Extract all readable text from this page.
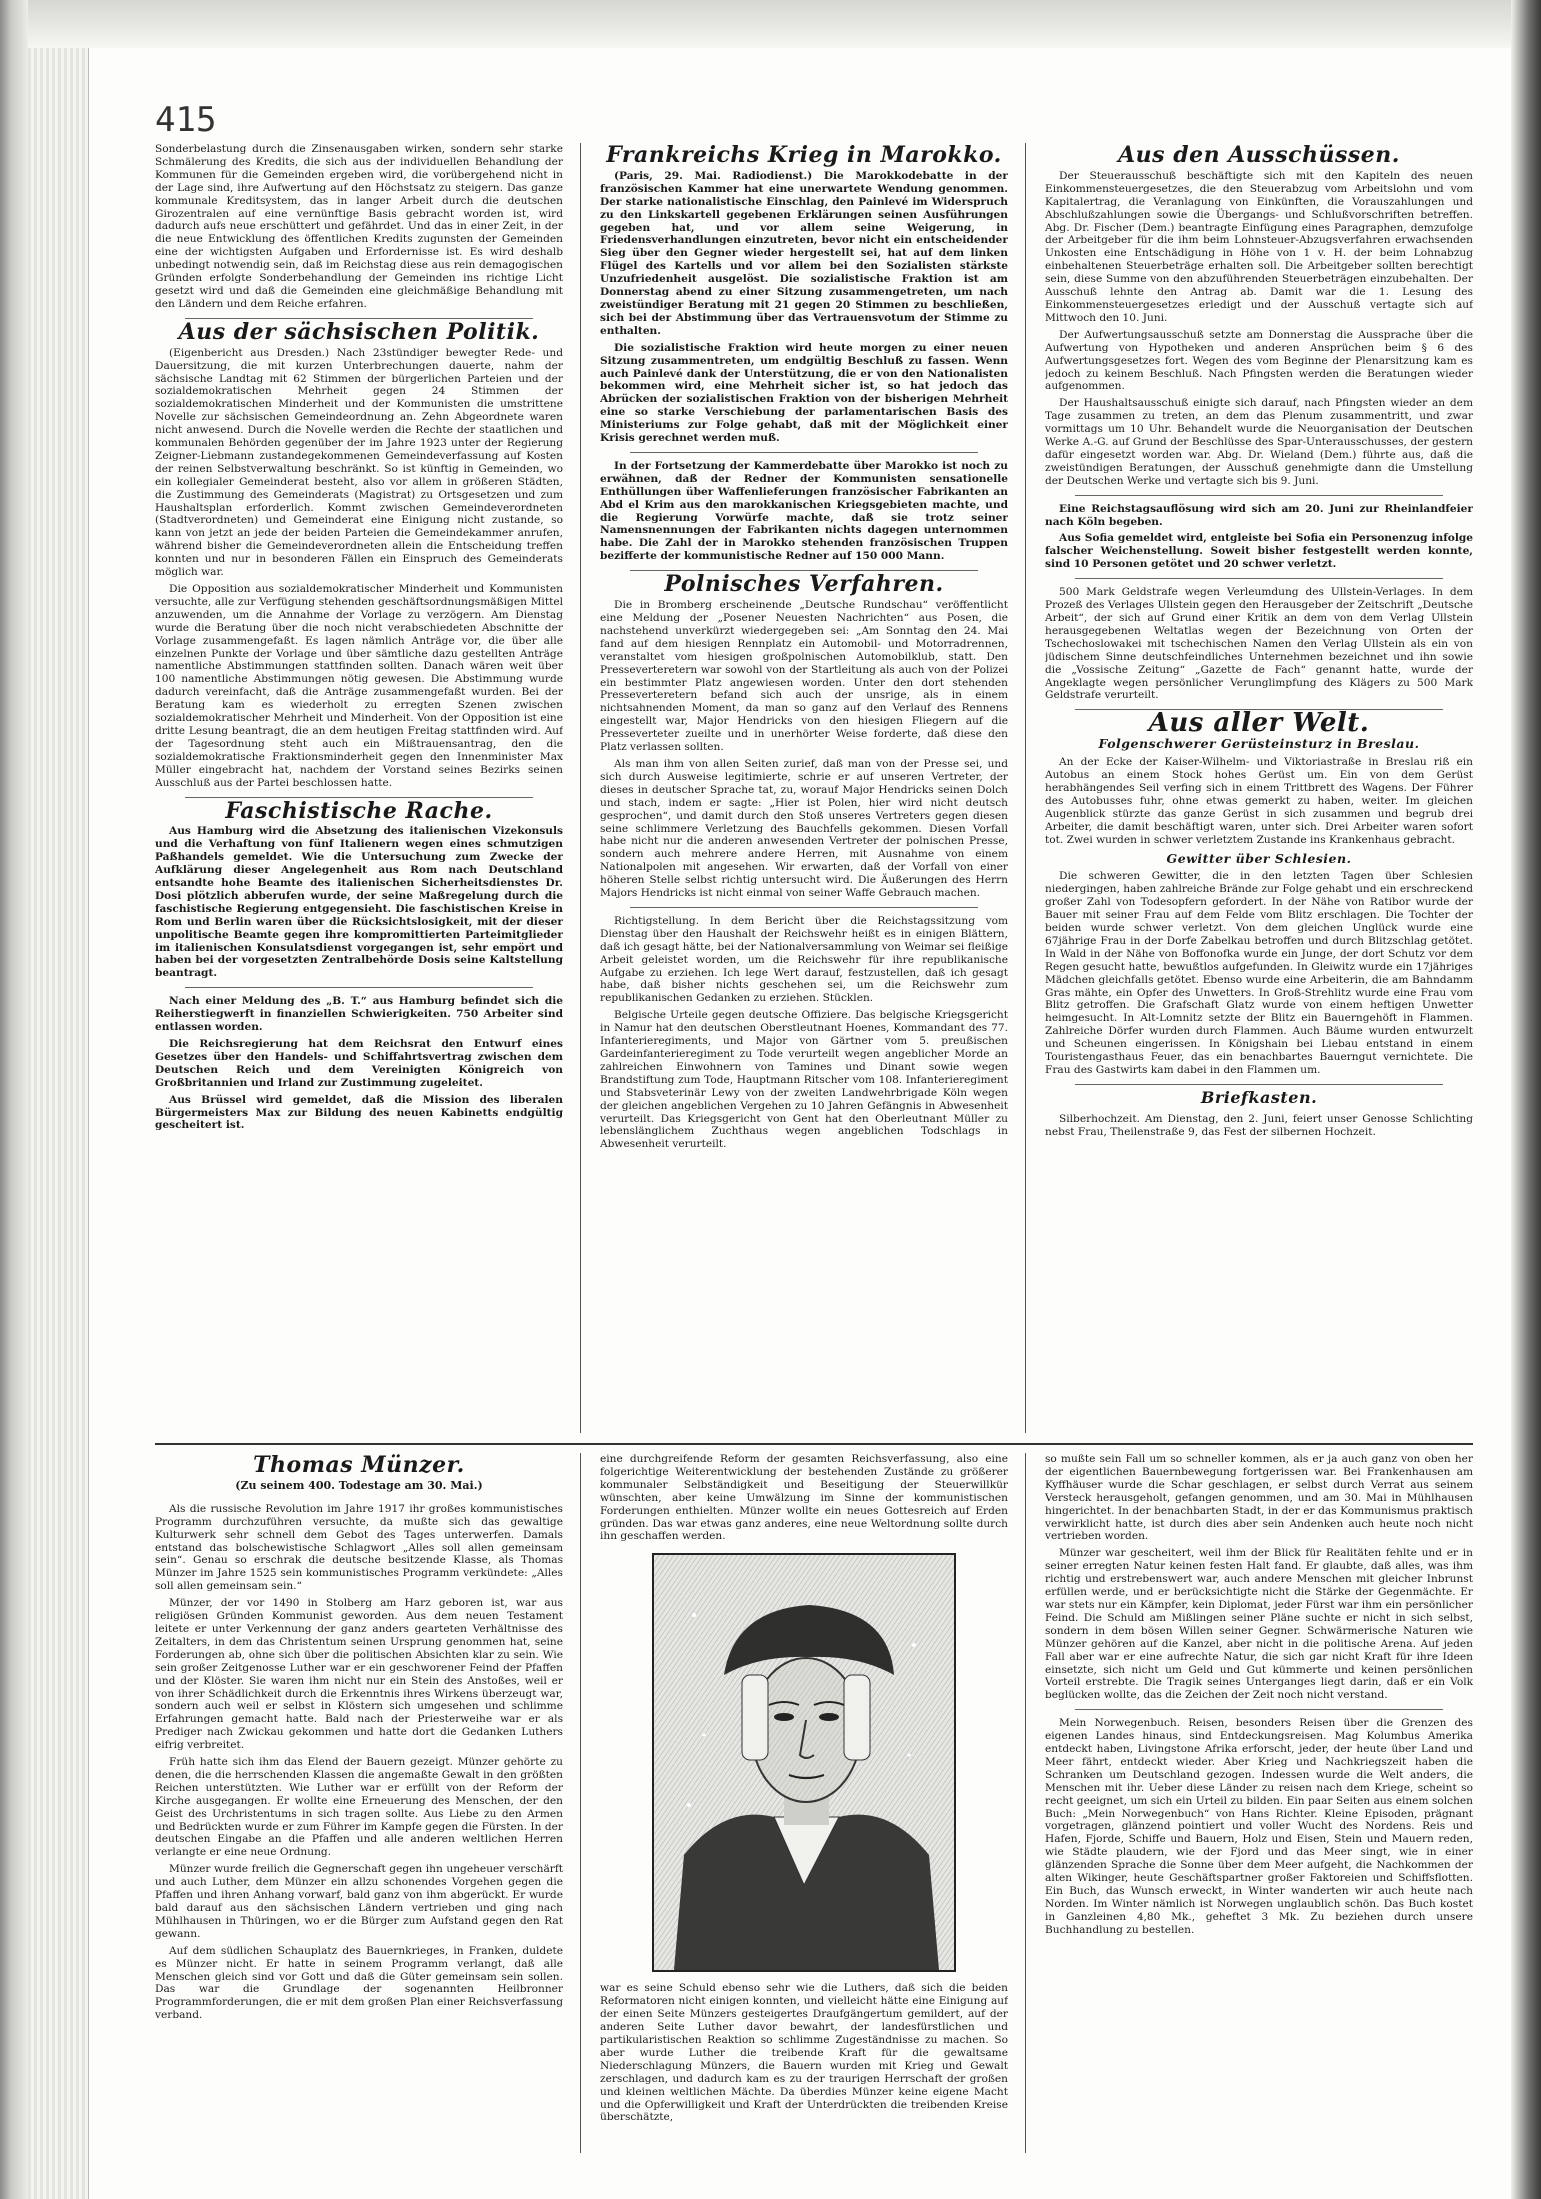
415

Sonderbelastung durch die Zinsenausgaben wirken, sondern sehr starke Schmälerung des Kredits, die sich aus der individuellen Behandlung der Kommunen für die Gemeinden ergeben wird, die vorübergehend nicht in der Lage sind, ihre Aufwertung auf den Höchstsatz zu steigern. Das ganze kommunale Kreditsystem, das in langer Arbeit durch die deutschen Girozentralen auf eine vernünftige Basis gebracht worden ist, wird dadurch aufs neue erschüttert und gefährdet. Und das in einer Zeit, in der die neue Entwicklung des öffentlichen Kredits zugunsten der Gemeinden eine der wichtigsten Aufgaben und Erfordernisse ist. Es wird deshalb unbedingt notwendig sein, daß im Reichstag diese aus rein demagogischen Gründen erfolgte Sonderbehandlung der Gemeinden ins richtige Licht gesetzt wird und daß die Gemeinden eine gleichmäßige Behandlung mit den Ländern und dem Reiche erfahren.

Aus der sächsischen Politik.

(Eigenbericht aus Dresden.) Nach 23stündiger bewegter Rede- und Dauersitzung, die mit kurzen Unterbrechungen dauerte, nahm der sächsische Landtag mit 62 Stimmen der bürgerlichen Parteien und der sozialdemokratischen Mehrheit gegen 24 Stimmen der sozialdemokratischen Minderheit und der Kommunisten die umstrittene Novelle zur sächsischen Gemeindeordnung an. Zehn Abgeordnete waren nicht anwesend. Durch die Novelle werden die Rechte der staatlichen und kommunalen Behörden gegenüber der im Jahre 1923 unter der Regierung Zeigner-Liebmann zustandegekommenen Gemeindeverfassung auf Kosten der reinen Selbstverwaltung beschränkt. So ist künftig in Gemeinden, wo ein kollegialer Gemeinderat besteht, also vor allem in größeren Städten, die Zustimmung des Gemeinderats (Magistrat) zu Ortsgesetzen und zum Haushaltsplan erforderlich. Kommt zwischen Gemeindeverordneten (Stadtverordneten) und Gemeinderat eine Einigung nicht zustande, so kann von jetzt an jede der beiden Parteien die Gemeindekammer anrufen, während bisher die Gemeindeverordneten allein die Entscheidung treffen konnten und nur in besonderen Fällen ein Einspruch des Gemeinderats möglich war.

Die Opposition aus sozialdemokratischer Minderheit und Kommunisten versuchte, alle zur Verfügung stehenden geschäftsordnungsmäßigen Mittel anzuwenden, um die Annahme der Vorlage zu verzögern. Am Dienstag wurde die Beratung über die noch nicht verabschiedeten Abschnitte der Vorlage zusammengefaßt. Es lagen nämlich Anträge vor, die über alle einzelnen Punkte der Vorlage und über sämtliche dazu gestellten Anträge namentliche Abstimmungen stattfinden sollten. Danach wären weit über 100 namentliche Abstimmungen nötig gewesen. Die Abstimmung wurde dadurch vereinfacht, daß die Anträge zusammengefaßt wurden. Bei der Beratung kam es wiederholt zu erregten Szenen zwischen sozialdemokratischer Mehrheit und Minderheit. Von der Opposition ist eine dritte Lesung beantragt, die an dem heutigen Freitag stattfinden wird. Auf der Tagesordnung steht auch ein Mißtrauensantrag, den die sozialdemokratische Fraktionsminderheit gegen den Innenminister Max Müller eingebracht hat, nachdem der Vorstand seines Bezirks seinen Ausschluß aus der Partei beschlossen hatte.

Faschistische Rache.

Aus Hamburg wird die Absetzung des italienischen Vizekonsuls und die Verhaftung von fünf Italienern wegen eines schmutzigen Paßhandels gemeldet. Wie die Untersuchung zum Zwecke der Aufklärung dieser Angelegenheit aus Rom nach Deutschland entsandte hohe Beamte des italienischen Sicherheitsdienstes Dr. Dosi plötzlich abberufen wurde, der seine Maßregelung durch die faschistische Regierung entgegensieht. Die faschistischen Kreise in Rom und Berlin waren über die Rücksichtslosigkeit, mit der dieser unpolitische Beamte gegen ihre kompromittierten Parteimitglieder im italienischen Konsulatsdienst vorgegangen ist, sehr empört und haben bei der vorgesetzten Zentralbehörde Dosis seine Kaltstellung beantragt.

Nach einer Meldung des „B. T.“ aus Hamburg befindet sich die Reiherstiegwerft in finanziellen Schwierigkeiten. 750 Arbeiter sind entlassen worden.

Die Reichsregierung hat dem Reichsrat den Entwurf eines Gesetzes über den Handels- und Schiffahrtsvertrag zwischen dem Deutschen Reich und dem Vereinigten Königreich von Großbritannien und Irland zur Zustimmung zugeleitet.

Aus Brüssel wird gemeldet, daß die Mission des liberalen Bürgermeisters Max zur Bildung des neuen Kabinetts endgültig gescheitert ist.

Frankreichs Krieg in Marokko.

(Paris, 29. Mai. Radiodienst.) Die Marokkodebatte in der französischen Kammer hat eine unerwartete Wendung genommen. Der starke nationalistische Einschlag, den Painlevé im Widerspruch zu den Linkskartell gegebenen Erklärungen seinen Ausführungen gegeben hat, und vor allem seine Weigerung, in Friedensverhandlungen einzutreten, bevor nicht ein entscheidender Sieg über den Gegner wieder hergestellt sei, hat auf dem linken Flügel des Kartells und vor allem bei den Sozialisten stärkste Unzufriedenheit ausgelöst. Die sozialistische Fraktion ist am Donnerstag abend zu einer Sitzung zusammengetreten, um nach zweistündiger Beratung mit 21 gegen 20 Stimmen zu beschließen, sich bei der Abstimmung über das Vertrauensvotum der Stimme zu enthalten.

Die sozialistische Fraktion wird heute morgen zu einer neuen Sitzung zusammentreten, um endgültig Beschluß zu fassen. Wenn auch Painlevé dank der Unterstützung, die er von den Nationalisten bekommen wird, eine Mehrheit sicher ist, so hat jedoch das Abrücken der sozialistischen Fraktion von der bisherigen Mehrheit eine so starke Verschiebung der parlamentarischen Basis des Ministeriums zur Folge gehabt, daß mit der Möglichkeit einer Krisis gerechnet werden muß.

In der Fortsetzung der Kammerdebatte über Marokko ist noch zu erwähnen, daß der Redner der Kommunisten sensationelle Enthüllungen über Waffenlieferungen französischer Fabrikanten an Abd el Krim aus den marokkanischen Kriegsgebieten machte, und die Regierung Vorwürfe machte, daß sie trotz seiner Namensnennungen der Fabrikanten nichts dagegen unternommen habe. Die Zahl der in Marokko stehenden französischen Truppen bezifferte der kommunistische Redner auf 150 000 Mann.

Polnisches Verfahren.

Die in Bromberg erscheinende „Deutsche Rundschau“ veröffentlicht eine Meldung der „Posener Neuesten Nachrichten“ aus Posen, die nachstehend unverkürzt wiedergegeben sei: „Am Sonntag den 24. Mai fand auf dem hiesigen Rennplatz ein Automobil- und Motorradrennen, veranstaltet vom hiesigen großpolnischen Automobilklub, statt. Den Presseverteretern war sowohl von der Startleitung als auch von der Polizei ein bestimmter Platz angewiesen worden. Unter den dort stehenden Presseverteretern befand sich auch der unsrige, als in einem nichtsahnenden Moment, da man so ganz auf den Verlauf des Rennens eingestellt war, Major Hendricks von den hiesigen Fliegern auf die Presseverteter zueilte und in unerhörter Weise forderte, daß diese den Platz verlassen sollten.

Als man ihm von allen Seiten zurief, daß man von der Presse sei, und sich durch Ausweise legitimierte, schrie er auf unseren Vertreter, der dieses in deutscher Sprache tat, zu, worauf Major Hendricks seinen Dolch und stach, indem er sagte: „Hier ist Polen, hier wird nicht deutsch gesprochen“, und damit durch den Stoß unseres Vertreters gegen diesen seine schlimmere Verletzung des Bauchfells gekommen. Diesen Vorfall habe nicht nur die anderen anwesenden Vertreter der polnischen Presse, sondern auch mehrere andere Herren, mit Ausnahme von einem Nationalpolen mit angesehen. Wir erwarten, daß der Vorfall von einer höheren Stelle selbst richtig untersucht wird. Die Äußerungen des Herrn Majors Hendricks ist nicht einmal von seiner Waffe Gebrauch machen.

Richtigstellung. In dem Bericht über die Reichstagssitzung vom Dienstag über den Haushalt der Reichswehr heißt es in einigen Blättern, daß ich gesagt hätte, bei der Nationalversammlung von Weimar sei fleißige Arbeit geleistet worden, um die Reichswehr für ihre republikanische Aufgabe zu erziehen. Ich lege Wert darauf, festzustellen, daß ich gesagt habe, daß bisher nichts geschehen sei, um die Reichswehr zum republikanischen Gedanken zu erziehen. Stücklen.

Belgische Urteile gegen deutsche Offiziere. Das belgische Kriegsgericht in Namur hat den deutschen Oberstleutnant Hoenes, Kommandant des 77. Infanterieregiments, und Major von Gärtner vom 5. preußischen Gardeinfanterieregiment zu Tode verurteilt wegen angeblicher Morde an zahlreichen Einwohnern von Tamines und Dinant sowie wegen Brandstiftung zum Tode, Hauptmann Ritscher vom 108. Infanterieregiment und Stabsveterinär Lewy von der zweiten Landwehrbrigade Köln wegen der gleichen angeblichen Vergehen zu 10 Jahren Gefängnis in Abwesenheit verurteilt. Das Kriegsgericht von Gent hat den Oberleutnant Müller zu lebenslänglichem Zuchthaus wegen angeblichen Todschlags in Abwesenheit verurteilt.

Aus den Ausschüssen.

Der Steuerausschuß beschäftigte sich mit den Kapiteln des neuen Einkommensteuergesetzes, die den Steuerabzug vom Arbeitslohn und vom Kapitalertrag, die Veranlagung von Einkünften, die Vorauszahlungen und Abschlußzahlungen sowie die Übergangs- und Schlußvorschriften betreffen. Abg. Dr. Fischer (Dem.) beantragte Einfügung eines Paragraphen, demzufolge der Arbeitgeber für die ihm beim Lohnsteuer-Abzugsverfahren erwachsenden Unkosten eine Entschädigung in Höhe von 1 v. H. der beim Lohnabzug einbehaltenen Steuerbeträge erhalten soll. Die Arbeitgeber sollten berechtigt sein, diese Summe von den abzuführenden Steuerbeträgen einzubehalten. Der Ausschuß lehnte den Antrag ab. Damit war die 1. Lesung des Einkommensteuergesetzes erledigt und der Ausschuß vertagte sich auf Mittwoch den 10. Juni.

Der Aufwertungsausschuß setzte am Donnerstag die Aussprache über die Aufwertung von Hypotheken und anderen Ansprüchen beim § 6 des Aufwertungsgesetzes fort. Wegen des vom Beginne der Plenarsitzung kam es jedoch zu keinem Beschluß. Nach Pfingsten werden die Beratungen wieder aufgenommen.

Der Haushaltsausschuß einigte sich darauf, nach Pfingsten wieder an dem Tage zusammen zu treten, an dem das Plenum zusammentritt, und zwar vormittags um 10 Uhr. Behandelt wurde die Neuorganisation der Deutschen Werke A.-G. auf Grund der Beschlüsse des Spar-Unterausschusses, der gestern dafür eingesetzt worden war. Abg. Dr. Wieland (Dem.) führte aus, daß die zweistündigen Beratungen, der Ausschuß genehmigte dann die Umstellung der Deutschen Werke und vertagte sich bis 9. Juni.

Eine Reichstagsauflösung wird sich am 20. Juni zur Rheinlandfeier nach Köln begeben.

Aus Sofia gemeldet wird, entgleiste bei Sofia ein Personenzug infolge falscher Weichenstellung. Soweit bisher festgestellt werden konnte, sind 10 Personen getötet und 20 schwer verletzt.

500 Mark Geldstrafe wegen Verleumdung des Ullstein-Verlages. In dem Prozeß des Verlages Ullstein gegen den Herausgeber der Zeitschrift „Deutsche Arbeit“, der sich auf Grund einer Kritik an dem von dem Verlag Ullstein herausgegebenen Weltatlas wegen der Bezeichnung von Orten der Tschechoslowakei mit tschechischen Namen den Verlag Ullstein als ein von jüdischem Sinne deutschfeindliches Unternehmen bezeichnet und ihn sowie die „Vossische Zeitung“ „Gazette de Fach“ genannt hatte, wurde der Angeklagte wegen persönlicher Verunglimpfung des Klägers zu 500 Mark Geldstrafe verurteilt.

Aus aller Welt.
Folgenschwerer Gerüsteinsturz in Breslau.

An der Ecke der Kaiser-Wilhelm- und Viktoriastraße in Breslau riß ein Autobus an einem Stock hohes Gerüst um. Ein von dem Gerüst herabhängendes Seil verfing sich in einem Trittbrett des Wagens. Der Führer des Autobusses fuhr, ohne etwas gemerkt zu haben, weiter. Im gleichen Augenblick stürzte das ganze Gerüst in sich zusammen und begrub drei Arbeiter, die damit beschäftigt waren, unter sich. Drei Arbeiter waren sofort tot. Zwei wurden in schwer verletztem Zustande ins Krankenhaus gebracht.

Gewitter über Schlesien.

Die schweren Gewitter, die in den letzten Tagen über Schlesien niedergingen, haben zahlreiche Brände zur Folge gehabt und ein erschreckend großer Zahl von Todesopfern gefordert. In der Nähe von Ratibor wurde der Bauer mit seiner Frau auf dem Felde vom Blitz erschlagen. Die Tochter der beiden wurde schwer verletzt. Von dem gleichen Unglück wurde eine 67jährige Frau in der Dorfe Zabelkau betroffen und durch Blitzschlag getötet. In Wald in der Nähe von Boffonofka wurde ein Junge, der dort Schutz vor dem Regen gesucht hatte, bewußtlos aufgefunden. In Gleiwitz wurde ein 17jähriges Mädchen gleichfalls getötet. Ebenso wurde eine Arbeiterin, die am Bahndamm Gras mähte, ein Opfer des Unwetters. In Groß-Strehlitz wurde eine Frau vom Blitz getroffen. Die Grafschaft Glatz wurde von einem heftigen Unwetter heimgesucht. In Alt-Lomnitz setzte der Blitz ein Bauerngehöft in Flammen. Zahlreiche Dörfer wurden durch Flammen. Auch Bäume wurden entwurzelt und Scheunen eingerissen. In Königshain bei Liebau entstand in einem Touristengasthaus Feuer, das ein benachbartes Bauerngut vernichtete. Die Frau des Gastwirts kam dabei in den Flammen um.

Briefkasten.

Silberhochzeit. Am Dienstag, den 2. Juni, feiert unser Genosse Schlichting nebst Frau, Theilenstraße 9, das Fest der silbernen Hochzeit.

Thomas Münzer.
(Zu seinem 400. Todestage am 30. Mai.)

Als die russische Revolution im Jahre 1917 ihr großes kommunistisches Programm durchzuführen versuchte, da mußte sich das gewaltige Kulturwerk sehr schnell dem Gebot des Tages unterwerfen. Damals entstand das bolschewistische Schlagwort „Alles soll allen gemeinsam sein“. Genau so erschrak die deutsche besitzende Klasse, als Thomas Münzer im Jahre 1525 sein kommunistisches Programm verkündete: „Alles soll allen gemeinsam sein.“

Münzer, der vor 1490 in Stolberg am Harz geboren ist, war aus religiösen Gründen Kommunist geworden. Aus dem neuen Testament leitete er unter Verkennung der ganz anders gearteten Verhältnisse des Zeitalters, in dem das Christentum seinen Ursprung genommen hat, seine Forderungen ab, ohne sich über die politischen Absichten klar zu sein. Wie sein großer Zeitgenosse Luther war er ein geschworener Feind der Pfaffen und der Klöster. Sie waren ihm nicht nur ein Stein des Anstoßes, weil er von ihrer Schädlichkeit durch die Erkenntnis ihres Wirkens überzeugt war, sondern auch weil er selbst in Klöstern sich umgesehen und schlimme Erfahrungen gemacht hatte. Bald nach der Priesterweihe war er als Prediger nach Zwickau gekommen und hatte dort die Gedanken Luthers eifrig verbreitet.

Früh hatte sich ihm das Elend der Bauern gezeigt. Münzer gehörte zu denen, die die herrschenden Klassen die angemaßte Gewalt in den größten Reichen unterstützten. Wie Luther war er erfüllt von der Reform der Kirche ausgegangen. Er wollte eine Erneuerung des Menschen, der den Geist des Urchristentums in sich tragen sollte. Aus Liebe zu den Armen und Bedrückten wurde er zum Führer im Kampfe gegen die Fürsten. In der deutschen Eingabe an die Pfaffen und alle anderen weltlichen Herren verlangte er eine neue Ordnung.

Münzer wurde freilich die Gegnerschaft gegen ihn ungeheuer verschärft und auch Luther, dem Münzer ein allzu schonendes Vorgehen gegen die Pfaffen und ihren Anhang vorwarf, bald ganz von ihm abgerückt. Er wurde bald darauf aus den sächsischen Ländern vertrieben und ging nach Mühlhausen in Thüringen, wo er die Bürger zum Aufstand gegen den Rat gewann.

Auf dem südlichen Schauplatz des Bauernkrieges, in Franken, duldete es Münzer nicht. Er hatte in seinem Programm verlangt, daß alle Menschen gleich sind vor Gott und daß die Güter gemeinsam sein sollen. Das war die Grundlage der sogenannten Heilbronner Programmforderungen, die er mit dem großen Plan einer Reichsverfassung verband.

eine durchgreifende Reform der gesamten Reichsverfassung, also eine folgerichtige Weiterentwicklung der bestehenden Zustände zu größerer kommunaler Selbständigkeit und Beseitigung der Steuerwillkür wünschten, aber keine Umwälzung im Sinne der kommunistischen Forderungen enthielten. Münzer wollte ein neues Gottesreich auf Erden gründen. Das war etwas ganz anderes, eine neue Weltordnung sollte durch ihn geschaffen werden.

war es seine Schuld ebenso sehr wie die Luthers, daß sich die beiden Reformatoren nicht einigen konnten, und vielleicht hätte eine Einigung auf der einen Seite Münzers gesteigertes Draufgängertum gemildert, auf der anderen Seite Luther davor bewahrt, der landesfürstlichen und partikularistischen Reaktion so schlimme Zugeständnisse zu machen. So aber wurde Luther die treibende Kraft für die gewaltsame Niederschlagung Münzers, die Bauern wurden mit Krieg und Gewalt zerschlagen, und dadurch kam es zu der traurigen Herrschaft der großen und kleinen weltlichen Mächte. Da überdies Münzer keine eigene Macht und die Opferwilligkeit und Kraft der Unterdrückten die treibenden Kreise überschätzte,

so mußte sein Fall um so schneller kommen, als er ja auch ganz von oben her der eigentlichen Bauernbewegung fortgerissen war. Bei Frankenhausen am Kyffhäuser wurde die Schar geschlagen, er selbst durch Verrat aus seinem Versteck herausgeholt, gefangen genommen, und am 30. Mai in Mühlhausen hingerichtet. In der benachbarten Stadt, in der er das Kommunismus praktisch verwirklicht hatte, ist durch dies aber sein Andenken auch heute noch nicht vertrieben worden.

Münzer war gescheitert, weil ihm der Blick für Realitäten fehlte und er in seiner erregten Natur keinen festen Halt fand. Er glaubte, daß alles, was ihm richtig und erstrebenswert war, auch andere Menschen mit gleicher Inbrunst erfüllen werde, und er berücksichtigte nicht die Stärke der Gegenmächte. Er war stets nur ein Kämpfer, kein Diplomat, jeder Fürst war ihm ein persönlicher Feind. Die Schuld am Mißlingen seiner Pläne suchte er nicht in sich selbst, sondern in dem bösen Willen seiner Gegner. Schwärmerische Naturen wie Münzer gehören auf die Kanzel, aber nicht in die politische Arena. Auf jeden Fall aber war er eine aufrechte Natur, die sich gar nicht Kraft für ihre Ideen einsetzte, sich nicht um Geld und Gut kümmerte und keinen persönlichen Vorteil erstrebte. Die Tragik seines Unterganges liegt darin, daß er ein Volk beglücken wollte, das die Zeichen der Zeit noch nicht verstand.

Mein Norwegenbuch. Reisen, besonders Reisen über die Grenzen des eigenen Landes hinaus, sind Entdeckungsreisen. Mag Kolumbus Amerika entdeckt haben, Livingstone Afrika erforscht, jeder, der heute über Land und Meer fährt, entdeckt wieder. Aber Krieg und Nachkriegszeit haben die Schranken um Deutschland gezogen. Indessen wurde die Welt anders, die Menschen mit ihr. Ueber diese Länder zu reisen nach dem Kriege, scheint so recht geeignet, um sich ein Urteil zu bilden. Ein paar Seiten aus einem solchen Buch: „Mein Norwegenbuch“ von Hans Richter. Kleine Episoden, prägnant vorgetragen, glänzend pointiert und voller Wucht des Nordens. Reis und Hafen, Fjorde, Schiffe und Bauern, Holz und Eisen, Stein und Mauern reden, wie Städte plaudern, wie der Fjord und das Meer singt, wie in einer glänzenden Sprache die Sonne über dem Meer aufgeht, die Nachkommen der alten Wikinger, heute Geschäftspartner großer Faktoreien und Schiffsflotten. Ein Buch, das Wunsch erweckt, in Winter wanderten wir auch heute nach Norden. Im Winter nämlich ist Norwegen unglaublich schön. Das Buch kostet in Ganzleinen 4,80 Mk., geheftet 3 Mk. Zu beziehen durch unsere Buchhandlung zu bestellen.
